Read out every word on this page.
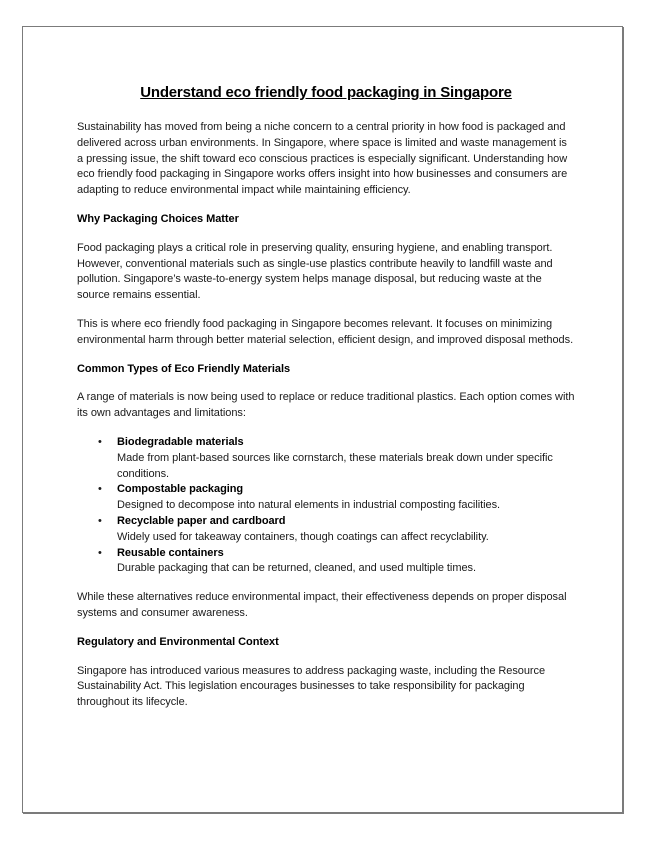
Understand eco friendly food packaging in Singapore

Sustainability has moved from being a niche concern to a central priority in how food is packaged and delivered across urban environments. In Singapore, where space is limited and waste management is a pressing issue, the shift toward eco conscious practices is especially significant. Understanding how eco friendly food packaging in Singapore works offers insight into how businesses and consumers are adapting to reduce environmental impact while maintaining efficiency.

Why Packaging Choices Matter

Food packaging plays a critical role in preserving quality, ensuring hygiene, and enabling transport. However, conventional materials such as single-use plastics contribute heavily to landfill waste and pollution. Singapore’s waste-to-energy system helps manage disposal, but reducing waste at the source remains essential.

This is where eco friendly food packaging in Singapore becomes relevant. It focuses on minimizing environmental harm through better material selection, efficient design, and improved disposal methods.

Common Types of Eco Friendly Materials

A range of materials is now being used to replace or reduce traditional plastics. Each option comes with its own advantages and limitations:

• Biodegradable materials
Made from plant-based sources like cornstarch, these materials break down under specific conditions.
• Compostable packaging
Designed to decompose into natural elements in industrial composting facilities.
• Recyclable paper and cardboard
Widely used for takeaway containers, though coatings can affect recyclability.
• Reusable containers
Durable packaging that can be returned, cleaned, and used multiple times.

While these alternatives reduce environmental impact, their effectiveness depends on proper disposal systems and consumer awareness.

Regulatory and Environmental Context

Singapore has introduced various measures to address packaging waste, including the Resource Sustainability Act. This legislation encourages businesses to take responsibility for packaging throughout its lifecycle.
